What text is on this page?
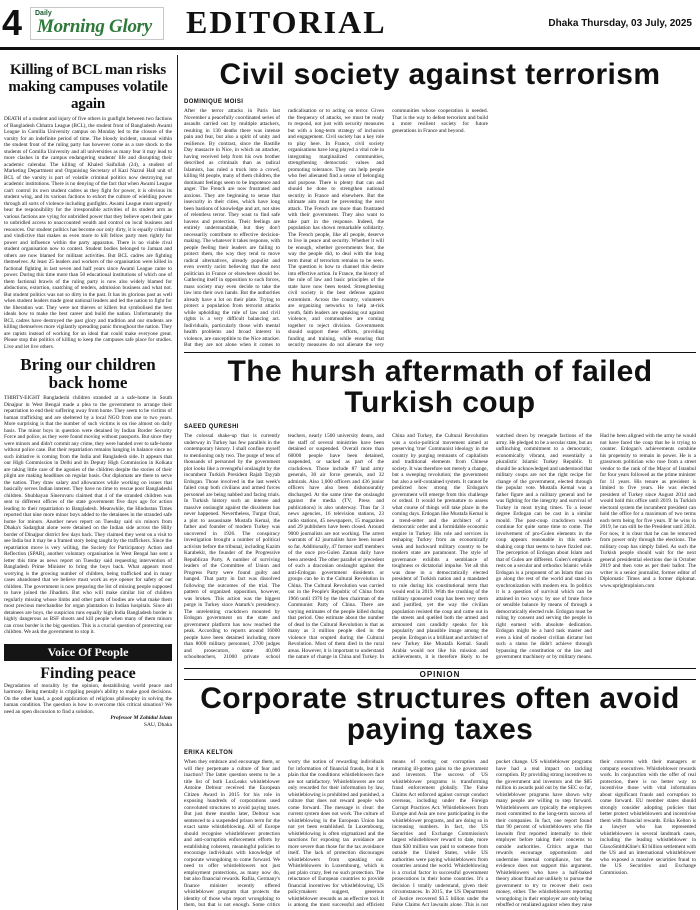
4 Daily
Morning Glory EDITORIAL	Dhaka Thursday, 03 July, 2025
Killing of BCL man risks making campuses volatile again
DEATH of a student and injury of five others in gunfight between two factions of Bangladesh Chhatra League (BCL), the student front of Bangladesh Awami League in Comilla University campus on Monday led to the closure of the varsity for an indefinite period of time. The bloody incident, unusual within the student front of the ruling party has however come as a rare shock to the students of Comilla University and all universities as many fear it may lead to more clashes in the campus endangering students' life and disrupting their academic calendar. The killing of Khaled Saifullah (24), a student of Marketing Department and Organising Secretary of Kazi Nazrul Hall unit of BCL of the varsity is part of volatile criminal politics now destroying our academic institutions. There is no denying of the fact that when Awami League can't control its own student cadres as they fight for power, it is obvious its student wing, and its various factions to exhort the culture of wielding power through all sorts of violence including gunfights. Awami League must urgently bear the responsibility for the irresponsible activities of its student arm as various factions are vying for unbridled power that they believe open their gate to unbridled access to unaccounted wealth and control on local business and resources. Our student politics has become our only dirty, it is equally criminal and vindictive that makes us even more to kill fellow party men rightly for power and influence within the party apparatus. There is no viable rival student organisation now to contest. Student bodies belonged to Jamaat and others are now blamed for militant activities. But BCL cadres are fighting themselves. At least 25 leaders and workers of the organisation were killed in factional fighting in last seven and half years since Awami League came to power. During this time more than 50 educational institutions of which one of them factional brawls of the ruling party is now also widely blamed for abductions, extortion, snatching of tenders, admission business and what not. But student politics was not so dirty in the past. It has its glorious past as well when student leaders made great national leaders and led the nation to fight for the liberation war. They were not thieves or killers but symbolised the best ideals how to make the best career and build the nation. Unfortunately the BCL cadres have destroyed the past glory and tradition and our students are killing themselves more vigilantly spreading panic throughout the nation. They are rapists instead of working for an ideal that could make everyone great. Please stop this politics of killing to keep the campuses safe place for studies. Live and let live others.
Bring our children back home
THIRTY-EIGHT Bangladeshi children stranded at a safe-home in South Dinajpur in West Bengal made a plea to the government to arrange their repatriation to end their suffering away from home. They seem to be victims of human trafficking and are sheltered by a local NGO from one to two years. More surprising is that the number of such victims is on rise almost on daily basis. The minor boys in question were detained by Indian Border Security Force and police, as they were found moving without passports. But since they were minors and didn't commit any crime, they were handed over to safe-home without police case. But their repatriation remains hanging in balance since no such initiative is coming from the India and Bangladesh side. It appears that our High Commission in Delhi and its Deputy High Commission in Kolkata are taking little care of the agonies of the children despite the stories of their plight are making headlines on regular basis. Our diplomats are there to serve the nation. They draw salary and allowances while working on issues that basically serves Indian interest. They have no time to rescue poor Bangladeshi children. Shubhayan Sineruvaru claimed that 4 of the stranded children was sent to different offices of the state government five days ago for action leading to their repatriation to Bangladesh. Meanwhile, the Hindustan Times reported that nine more minor boys added to the detainees in the stranded safe home for minors. Another news report on Tuesday said six minors from Dhaka's Sadarghat alone were detained on the Indian side across the Hilly border of Dinajpur district few days back. They claimed they went on a visit to see India but it may be a framed story being taught by the traffickers. Since the repatriation move is very willing, the Society for Participatory Action and Reflection (SPAR), another voluntary organisation in West Bengal has sent a letter this time as news report on Tuesday said requesting intervention of Bangladesh Prime Minister to bring the boys back. What appears most worrying is the growing number of children, being trafficked and in many cases abandoned that we believe must work as eye opener for safety of our children. The government is now preparing the list of missing people supposed to have joined the Jihadists. But who will make similar list of children regularly missing whose limbs and other parts of bodies are what make them most precious merchandise for organ plantation in Indian hospitals. Since all detainees are boys, the suspicion runs equally high India Bangladesh border is highly dangerous as BSF shoots and kill people when many of them minors can cross border is the big question. This is a crucial question of protecting our children. We ask the government to stop it.
Voice Of People
Finding peace
Degradation of morality by the opinion, destabilising world peace and harmony. Being mentally is crippling people's ability to make good decisions. On the other hand, a good application of religious philosophy in solving the human condition. The question is how to overcome this critical situation? We need an open discussion to find a solution.
Professor M Zahidul Islam
SAU, Dhaka
Civil society against terrorism
DOMINIQUE MOISI

After the terror attacks in Paris last November a peacefully coordinated series of assaults carried out by multiple attackers, resulting in 130 deaths there was intense pain and fear, but also a spirit of unity and resilience. By contrast, since the Bastille Day massacre in Nice, in which an attacker, having received help from his own brother described as criminals than as radical Islamists, has ruled a truck into a crowd, killing 84 people, many of them children, the dominant feelings seem to be impotence and anger. The French are now frustrated and anxious. They are beginning to sense that insecurity in their cities, which have long been bastions of knowledge and art, not sites of relentless terror. They want to find safe havens and protection. Their feelings are entirely understandable, but they don't necessarily contribute to effective decision-making. The whatever it takes response, with people feeling their leaders are failing to protect them, the way they tend to move radical alternatives, already populist and even overtly racist believing that the next politician in France or elsewhere should be. Gathering itself in opposition to such forces, mass society may even decide to take the law into their own hands. But the authorities already have a lot on their plate. Trying to protect a population from terrorist attacks while upholding the rule of law and civil rights is a very difficult balancing act. Individuals, particularly those with mental health problems and broad interest in violence, are susceptible to the Nice attacker. But they are not alone when it comes to radicalisation or to acting on terror. Given the frequency of attacks, we must be ready to respond, not just with security measures but with a long-term strategy of inclusion and engagement. Civil society has a key role to play here. In France, civil society organisations have long played a vital role in integrating marginalized communities, strengthening democratic values and promoting tolerance. They can help people who feel alienated find a sense of belonging and purpose. There is plenty that can and should be done to strengthen national security in France and elsewhere. But the ultimate aim must be preventing the next attack. The French are more than frustrated with their government. They also want to take part in the response. Indeed, the population has shown remarkable solidarity. The French people, like all people, deserve to live in peace and security. Whether it will be enough, whether governments fear, the way the people did, to deal with the long term threat of terrorism remains to be seen. The question is how to channel this desire into effective action. In France, the history of the rule of law and basic principles of the state have now been tested. Strengthening civil society is the best defense against extremism. Across the country, volunteers are organizing networks to help at-risk youth, faith leaders are speaking out against violence, and communities are coming together to reject division. Governments should support these efforts, providing funding and training, while ensuring that security measures do not alienate the very communities whose cooperation is needed. That is the way to defeat terrorism and build a more resilient society for future generations in France and beyond.

The hursh aftermath of failed Turkish coup
SAEED QURESHI

The colossal shake-up that is currently underway in Turkey has few parallels in the contemporary history. I shall confine myself to mentioning only two. The purge of tens of thousands of personnel by the government plot looks like a revengeful onslaught by the incumbent Turkish President Rajab Tayyab Erdogan. Those involved in the last week's failed coup both civilians and armed forces personnel are being nabbed and facing trials. In Turkish history such an intense and massive onslaught against the dissidents has never happened. Nevertheless, Turgut Ozal, a plot to assassinate Mustafa Kemal, the father and founder of modern Turkey was uncovered in 1926. The conspiracy investigation brought a number of political activists before the tribunal, including Kazim Karabekir, the founder of the Progressive Republican Party. A number of surviving leaders of the Committee of Union and Progress Party were found guilty and hanged. That party in fact was dissolved following the outcomes of the trial. The pattern of organized opposition, however, was broken. This action was the biggest purge in Turkey since Ataturk's presidency. The unrelenting crackdown mounted by Erdogan government on the state and government platform has now reached the peak. According to reports around 16000 people have been detained including more than 8000 military personnel, 2700 judges and prosecutors, some 40,000 schoolteachers, 21000 private school teachers, nearly 1500 university deans, and the staff of several ministries have been detained or suspended. Overall more than 60000 people have been detained, suspended, or sacked as part of the crackdown. Those include 87 land army generals, 30 air force generals, and 32 admirals. Also 1,000 officers and 436 junior officers have also been dishonourably discharged. At the same time the onslaught against the media (TV, Press and publications) is also underway. Thus far 3 news agencies, 16 television stations, 23 radio stations, 45 newspapers, 15 magazines and 29 publishers have been closed. Around 9000 journalists are not working. The arrest warrants of 42 journalists have been issued so far. Additionally, 47 former staff members of the once pro-Gulen Zaman daily have been arrested. The other parallel or precedent of such a draconian onslaught against the anti-Erdogan government dissidents or groups can be in the Cultural Revolution in China. The Cultural Revolution was carried out in the People's Republic of China from 1966 until 1976 by the then chairman of the Communist Party of China. There are varying estimates of the people killed during that period. One estimate about the number of dead in the Cultural Revolution is that as many as 3 million people died in the violence that erupted during the Cultural Revolution. Most of them died in the rural areas. However, it is important to understand the nature of change in China and Turkey. In China and Turkey, the Cultural Revolution was a socio-political movement aimed at preserving 'true' Communist ideology in the country by purging remnants of capitalism and traditional elements from Chinese society. It was therefore not merely a change, but a sweeping revolution; the government but also a self-contained system. It cannot be predicted how strong the Erdogan's government will emerge from this challenge or ordeal. It would be premature to assess what course of things will take place in the coming days. Erdogan like Mustafa Kemal is a trend-setter and the architect of a democratic order and a formidable economic empire in Turkey. His role and services in reshaping Turkey from an economically weak and backward military country to be modern state are paramount. The style of governance exhibits a semblance of toughness or dictatorial impulse. Yet all this was done in a democratically elected president of Turkish nation and a mandated to rule during his constitutional term that would end in 2019. With the crushing of the military sponsored coup has been very stern and justified, yet the way the civilian population resisted the coup and came out in the streets and quelled both the armed and armoured cars candidly speaks for his popularity and plausible image among the people. Erdogan is a brilliant and architect of new Turkey like Mustafa Kemal. Saudi Arabia would not like his mission and achievements, it is therefore likely to be watched down by renegade factions of the army. He pledged to be a secular state, but an unflinching commitment to a democratic, economically vibrant, and essentially a pluralistic Islamic Turkey Republic. It should be acknowledged and understood that military coups are not the right recipe for change of the government, elected through the popular vote. Mustafa Kemal was a father figure and a military general and he was fighting for the integrity and survival of Turkey in most trying times. To a lesser degree Erdogan can be cast in a similar mould. The post-coup crackdown would continue for quite some time to come. The involvement of pro-Gulen elements in the coup appears reasonable in this earth-shaking coup that seems to have fizzled out. The perception of Erdogan about Islam and that of Gulen are different. Gulen's emphasis rests on a secular and orthodox Islamic while Erdogan is a proponent of an Islam that can go along the rest of the world and stand in synchronization with modern era. In politics it is a question of survival which can be attained in two ways: by use of brute force or sensible balance by means of through a democratically elected rule. Erdogan must be ruling by consent and serving the people in right earnest with absolute dedication. Erdogan might be a hard task master and even a kind of modest civilian dictator but such a status he didn't achieve through bypassing the constitution or the law and government machinery or by military means. Had he been aligned with the army he would not have faced the coup that he is trying to counter. Erdogan's achievements outshine his propensity to remain in power. He is a grassroots politician who rose from a street vendor to the rank of the Mayor of Istanbul for four years followed as the prime minister for 11 years. His tenure as president is limited to five years. He was elected president of Turkey since August 2014 and would hold this office until 2019. In Turkish electoral system the incumbent president can hold the office for a maximum of two terms each term being for five years. If he wins in 2019, he can still be the President until 2024. For now, it is clear that he can be removed from power only through the elections. The military coup has simply failed. As such the Turkish people should wait for the next general presidential elections due in October 2019 and then vote as per their ballot. The writer is a senior journalist, former editor of Diplomatic Times and a former diplomat. www.uprightopinion.com

OPINION
Corporate structures often avoid paying taxes
ERIKA KELTON

When they embrace and encourage them, or will they perpetuate a culture of fear and inaction? The latter question seems to be a title list of both LuxLeaks whistleblower Antoine Deltour received the European Citizen Award in 2015 for his role in exposing hundreds of corporations used convoluted structures to avoid paying taxes. But just three months later, Deltour was sentenced to a suspended prison term for the exact same whistleblowing. All of Europe should recognise whistleblower protection and anti-corruption enforcement efforts by establishing coherent, meaningful policies to encourage individuals with knowledge of corporate wrongdoing to come forward. We need to offer whistleblowers not just employment protections, as many now do, but also financial rewards. Rafiia, Germany's finance minister recently offered whistleblower program that protects the identity of those who report wrongdoing to them, but that is not enough. Some critics worry the notion of rewarding individuals for information of financial frauds, but it is plain that the conditions whistleblowers face are not satisfactory. Whistleblowers are not only rewarded for their information by law, whistleblowing is prohibited and punished, a culture that does not reward people who come forward. The message is clear: the current system does not work. The culture of whistleblowing in the European Union has not yet been established. In Luxembourg, whistleblowing is often stigmatized and the sanctions for exposing tax avoidance are more severe than those for the tax avoidance itself. The lack of protection discourages whistleblowers from speaking out. Whistleblowers in Luxembourg, which is just plain crazy, feel no such protection. The reluctance of European countries to provide financial incentives for whistleblowing, US policymakers suggest, generous whistleblower rewards as an effective tool. It is among the most successful and efficient means of rooting out corruption and returning ill-gotten gains to the government and investors. The success of US whistleblower programs is transforming fraud enforcement globally. The False Claims Act enforced against corrupt conduct overseas, including under the Foreign Corrupt Practices Act. Whistleblowers from Europe and Asia are now participating in the whistleblower programs, and are doing so in increasing numbers. In fact, the US Securities and Exchange Commission's largest whistleblower reward to date, more than $30 million was paid to someone from outside the United States, while US authorities were paying whistleblowers from countries around the world. Whistleblowing is a crucial factor in successful government prosecutions in their home countries. It's a decision I totally understand, given their circumstances. In 2015, the US Department of Justice recovered $3.5 billion under the False Claims Act lawsuits alone. This is not pocket change. US whistleblower programs have had a real impact on tackling corruption. By providing strong incentives to the government and investors and the $85 million in awards paid out by the SEC so far, whistleblower programs have shown why many people are willing to step forward. Whistleblowers are typically the employees most committed to the long-term success of their companies. In fact, one report found that 90 percent of whistleblowers who file lawsuits first reported internally to their employer before taking their concerns to outside authorities. Critics argue that rewards encourage opportunism and undermine internal compliance, but the evidence does not support this argument. Whistleblowers who have a half-baked theory about fraud are unlikely to pursue the government to try to recover their own money, either. The whistleblowers reporting wrongdoing in their employer are only being rebuffed or retaliated against when they raise their concerns with their managers or company executives. Whistleblower rewards work. In conjunction with the offer of real protection, there is no better way to incentivise those with vital information about significant frauds and corruption to come forward. EU member states should strongly consider adopting policies that better protect whistleblowers and incentivise them with financial rewards. Erika Kelton is a lawyer who has represented whistleblowers in several landmark cases, including the leading whistleblower in GlaxoSmithKline's $3 billion settlement with the US and an international whistleblower who exposed a massive securities fraud to the US Securities and Exchange Commission.
